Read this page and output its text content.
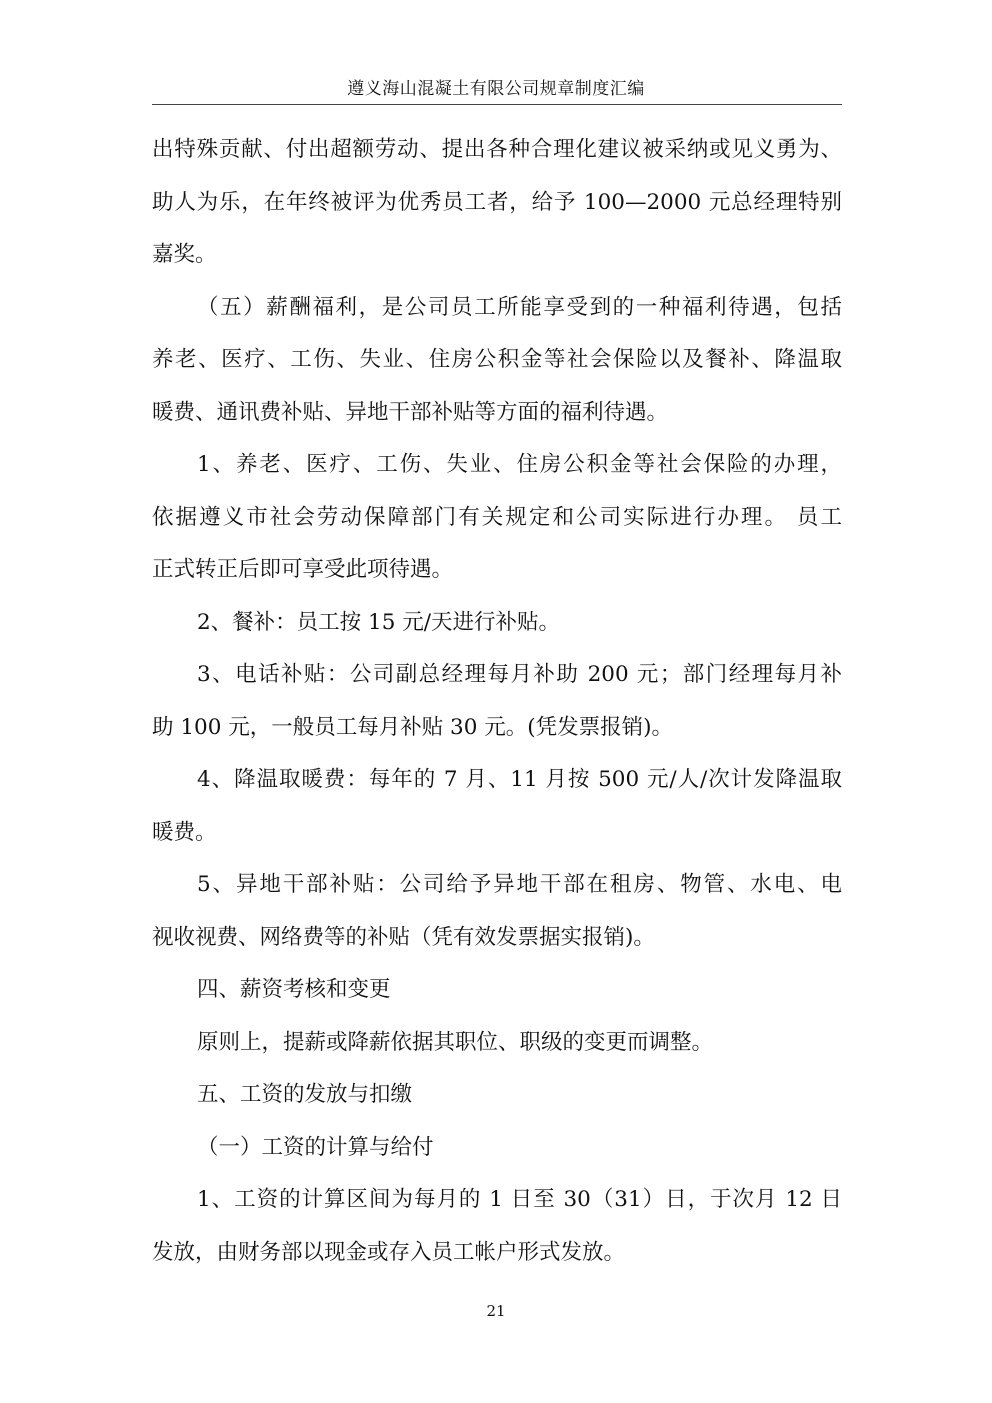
遵义海山混凝土有限公司规章制度汇编
出特殊贡献、付出超额劳动、提出各种合理化建议被采纳或见义勇为、
助人为乐，在年终被评为优秀员工者，给予 100—2000 元总经理特别
嘉奖。
（五）薪酬福利，是公司员工所能享受到的一种福利待遇，包括
养老、医疗、工伤、失业、住房公积金等社会保险以及餐补、降温取
暖费、通讯费补贴、异地干部补贴等方面的福利待遇。
1、养老、医疗、工伤、失业、住房公积金等社会保险的办理，
依据遵义市社会劳动保障部门有关规定和公司实际进行办理。 员工
正式转正后即可享受此项待遇。
2、餐补：员工按 15 元/天进行补贴。
3、电话补贴：公司副总经理每月补助 200 元；部门经理每月补
助 100 元，一般员工每月补贴 30 元。(凭发票报销)。
4、降温取暖费：每年的 7 月、11 月按 500 元/人/次计发降温取
暖费。
5、异地干部补贴：公司给予异地干部在租房、物管、水电、电
视收视费、网络费等的补贴（凭有效发票据实报销)。
四、薪资考核和变更
原则上，提薪或降薪依据其职位、职级的变更而调整。
五、工资的发放与扣缴
（一）工资的计算与给付
1、工资的计算区间为每月的 1 日至 30（31）日，于次月 12 日
发放，由财务部以现金或存入员工帐户形式发放。
21
